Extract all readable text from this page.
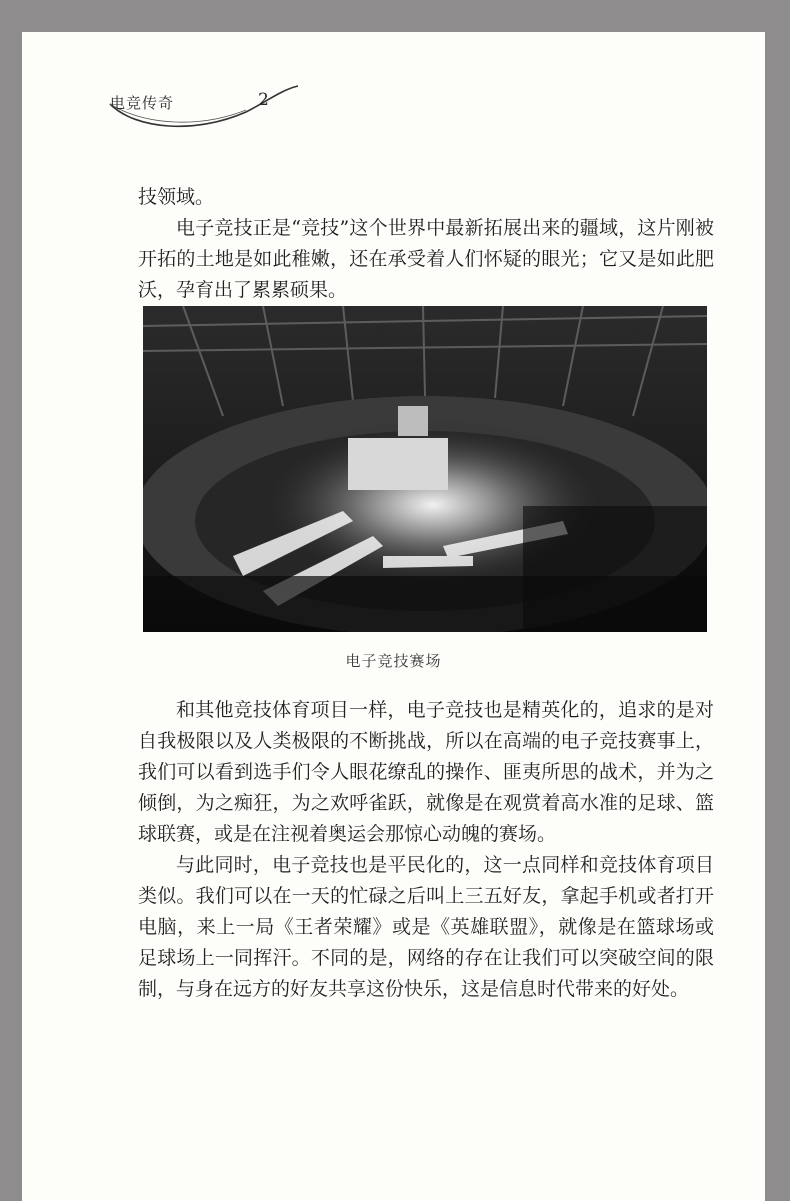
电竞传奇	2

技领域。

电子竞技正是“竞技”这个世界中最新拓展出来的疆域，这片刚被开拓的土地是如此稚嫩，还在承受着人们怀疑的眼光；它又是如此肥沃，孕育出了累累硕果。

电子竞技赛场

和其他竞技体育项目一样，电子竞技也是精英化的，追求的是对自我极限以及人类极限的不断挑战，所以在高端的电子竞技赛事上，我们可以看到选手们令人眼花缭乱的操作、匪夷所思的战术，并为之倾倒，为之痴狂，为之欢呼雀跃，就像是在观赏着高水准的足球、篮球联赛，或是在注视着奥运会那惊心动魄的赛场。

与此同时，电子竞技也是平民化的，这一点同样和竞技体育项目类似。我们可以在一天的忙碌之后叫上三五好友，拿起手机或者打开电脑，来上一局《王者荣耀》或是《英雄联盟》，就像是在篮球场或足球场上一同挥汗。不同的是，网络的存在让我们可以突破空间的限制，与身在远方的好友共享这份快乐，这是信息时代带来的好处。
